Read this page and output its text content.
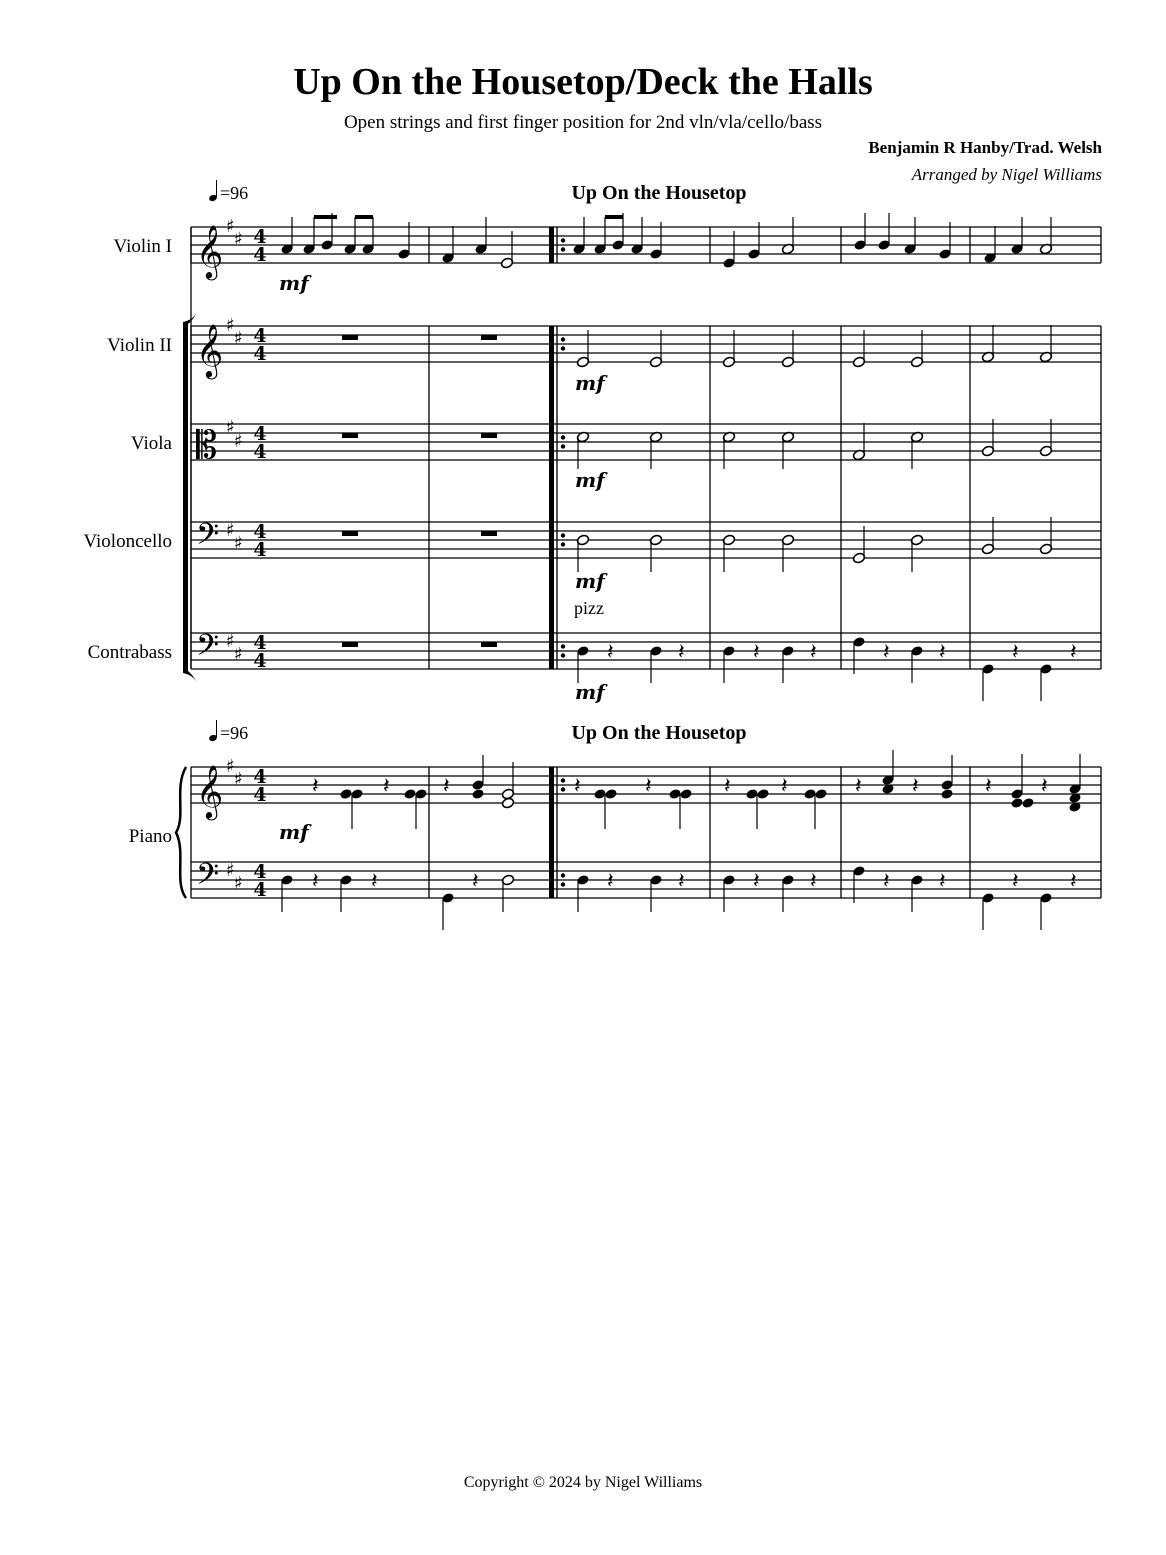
Up On the Housetop/Deck the Halls
Open strings and first finger position for 2nd vln/vla/cello/bass
Benjamin R Hanby/Trad. Welsh
Arranged by Nigel Williams
Copyright © 2024 by Nigel Williams
𝄞
𝄞
𝄡
𝄢
𝄢
𝄞
𝄢
♯
♯
♯
♯
♯
♯
♯
♯
♯
♯
♯
♯
♯
♯
4
4
4
4
4
4
4
4
4
4
4
4
4
4
𝄽	𝄽	𝄽 𝄽	𝄽 𝄽	𝄽 𝄽
𝄽	𝄽 𝄽	𝄽	𝄽	𝄽 𝄽	𝄽 𝄽	𝄽 𝄽
𝄽 𝄽	𝄽	𝄽	𝄽	𝄽 𝄽	𝄽 𝄽	𝄽 𝄽
mf
mf
mf
mf
mf
mf
Violin I
Violin II
Viola
Violoncello
Contrabass
Piano
=96
=96
Up On the Housetop
Up On the Housetop
pizz
